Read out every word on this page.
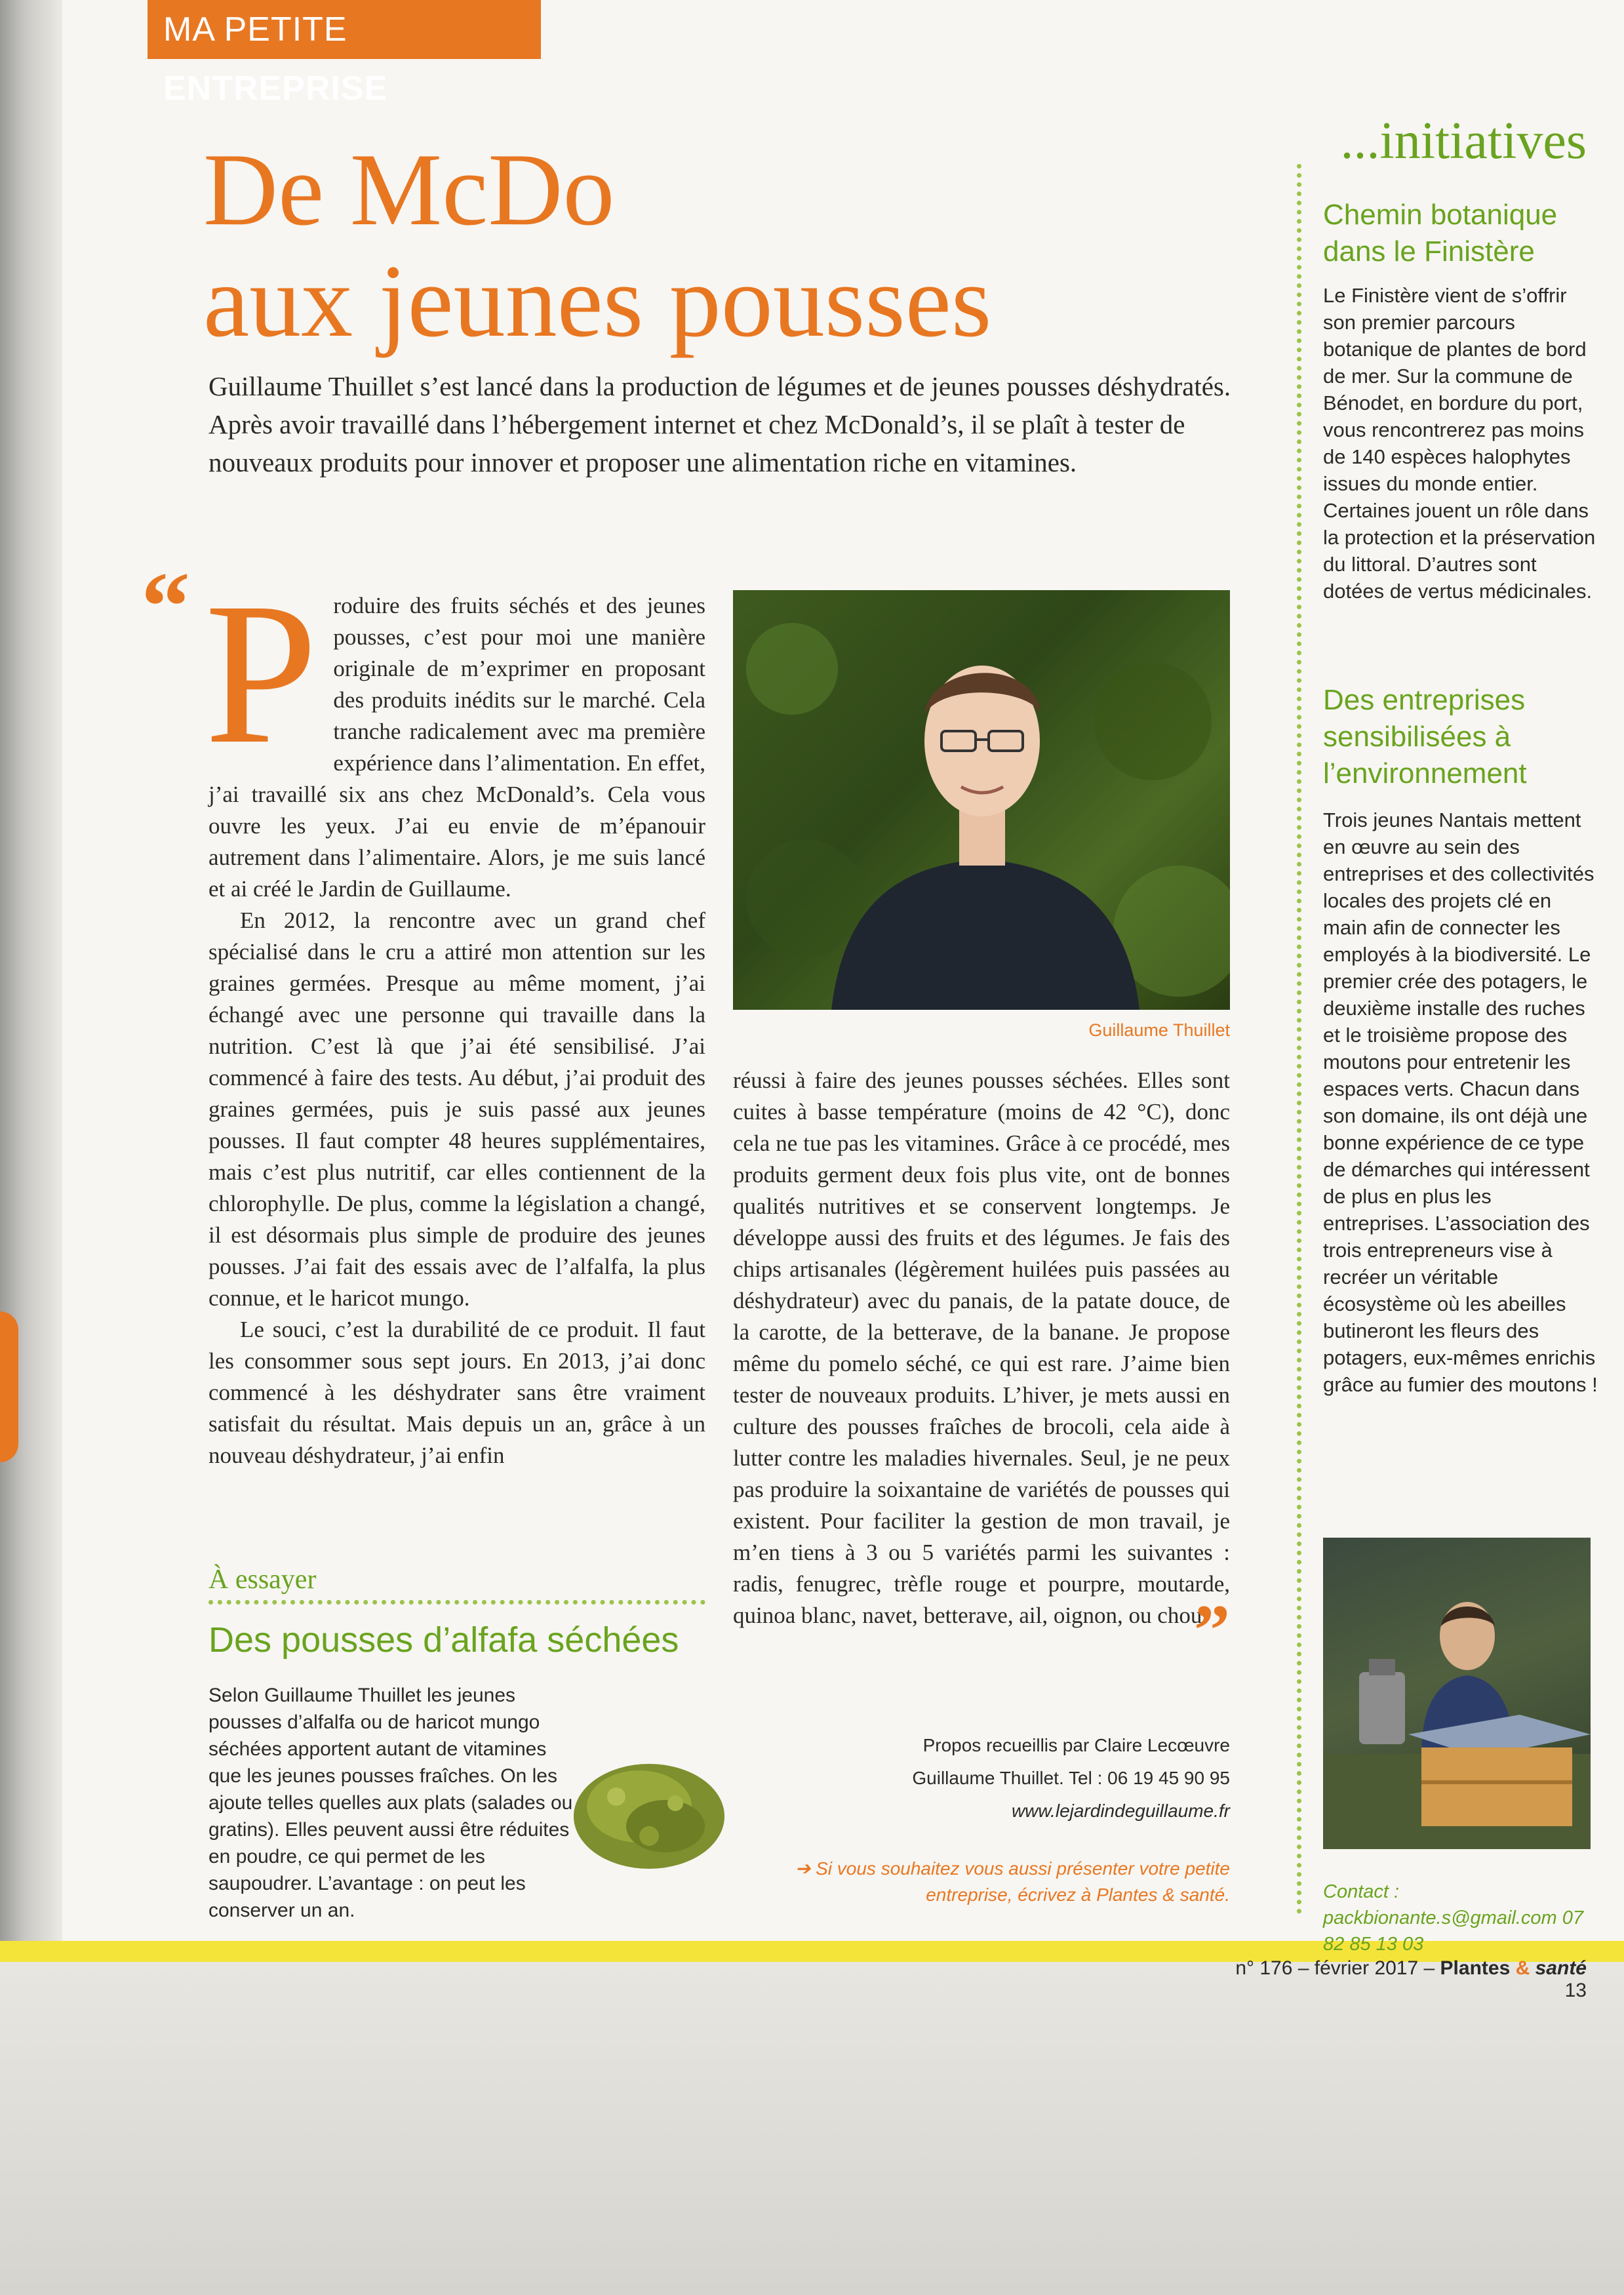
MA PETITE ENTREPRISE
De McDo
aux jeunes pousses

Guillaume Thuillet s’est lancé dans la production de légumes et de jeunes pousses déshydratés. Après avoir travaillé dans l’hébergement internet et chez McDonald’s, il se plaît à tester de nouveaux produits pour innover et proposer une alimentation riche en vitamines.

“ Produire des fruits séchés et des jeunes pousses, c’est pour moi une manière originale de m’exprimer en proposant des produits inédits sur le marché. Cela tranche radicalement avec ma première expérience dans l’alimentation. En effet, j’ai travaillé six ans chez McDonald’s. Cela vous ouvre les yeux. J’ai eu envie de m’épanouir autrement dans l’alimentaire. Alors, je me suis lancé et ai créé le Jardin de Guillaume.

En 2012, la rencontre avec un grand chef spécialisé dans le cru a attiré mon attention sur les graines germées. Presque au même moment, j’ai échangé avec une personne qui travaille dans la nutrition. C’est là que j’ai été sensibilisé. J’ai commencé à faire des tests. Au début, j’ai produit des graines germées, puis je suis passé aux jeunes pousses. Il faut compter 48 heures supplémentaires, mais c’est plus nutritif, car elles contiennent de la chlorophylle. De plus, comme la législation a changé, il est désormais plus simple de produire des jeunes pousses. J’ai fait des essais avec de l’alfalfa, la plus connue, et le haricot mungo.

Le souci, c’est la durabilité de ce produit. Il faut les consommer sous sept jours. En 2013, j’ai donc commencé à les déshydrater sans être vraiment satisfait du résultat. Mais depuis un an, grâce à un nouveau déshydrateur, j’ai enfin

Guillaume Thuillet

réussi à faire des jeunes pousses séchées. Elles sont cuites à basse température (moins de 42 °C), donc cela ne tue pas les vitamines. Grâce à ce procédé, mes produits germent deux fois plus vite, ont de bonnes qualités nutritives et se conservent longtemps. Je développe aussi des fruits et des légumes. Je fais des chips artisanales (légèrement huilées puis passées au déshydrateur) avec du panais, de la patate douce, de la carotte, de la betterave, de la banane. Je propose même du pomelo séché, ce qui est rare. J’aime bien tester de nouveaux produits. L’hiver, je mets aussi en culture des pousses fraîches de brocoli, cela aide à lutter contre les maladies hivernales. Seul, je ne peux pas produire la soixantaine de variétés de pousses qui existent. Pour faciliter la gestion de mon travail, je m’en tiens à 3 ou 5 variétés parmi les suivantes : radis, fenugrec, trèfle rouge et pourpre, moutarde, quinoa blanc, navet, betterave, ail, oignon, ou chou.

”
À essayer
Des pousses d’alfafa séchées

Selon Guillaume Thuillet les jeunes pousses d’alfalfa ou de haricot mungo séchées apportent autant de vitamines que les jeunes pousses fraîches. On les ajoute telles quelles aux plats (salades ou gratins). Elles peuvent aussi être réduites en poudre, ce qui permet de les saupoudrer. L’avantage : on peut les conserver un an.

Propos recueillis par Claire Lecœuvre
Guillaume Thuillet. Tel : 06 19 45 90 95
www.lejardindeguillaume.fr
➔ Si vous souhaitez vous aussi présenter votre petite entreprise, écrivez à Plantes & santé.
...initiatives
Chemin botanique dans le Finistère

Le Finistère vient de s’offrir son premier parcours botanique de plantes de bord de mer. Sur la commune de Bénodet, en bordure du port, vous rencontrerez pas moins de 140 espèces halophytes issues du monde entier. Certaines jouent un rôle dans la protection et la préservation du littoral. D’autres sont dotées de vertus médicinales.

Des entreprises sensibilisées à l’environnement

Trois jeunes Nantais mettent en œuvre au sein des entreprises et des collectivités locales des projets clé en main afin de connecter les employés à la biodiversité. Le premier crée des potagers, le deuxième installe des ruches et le troisième propose des moutons pour entretenir les espaces verts. Chacun dans son domaine, ils ont déjà une bonne expérience de ce type de démarches qui intéressent de plus en plus les entreprises. L’association des trois entrepreneurs vise à recréer un véritable écosystème où les abeilles butineront les fleurs des potagers, eux-mêmes enrichis grâce au fumier des moutons !

Contact : packbionante.s@gmail.com 07 82 85 13 03

n° 176 – février 2017 – Plantes & santé 13
